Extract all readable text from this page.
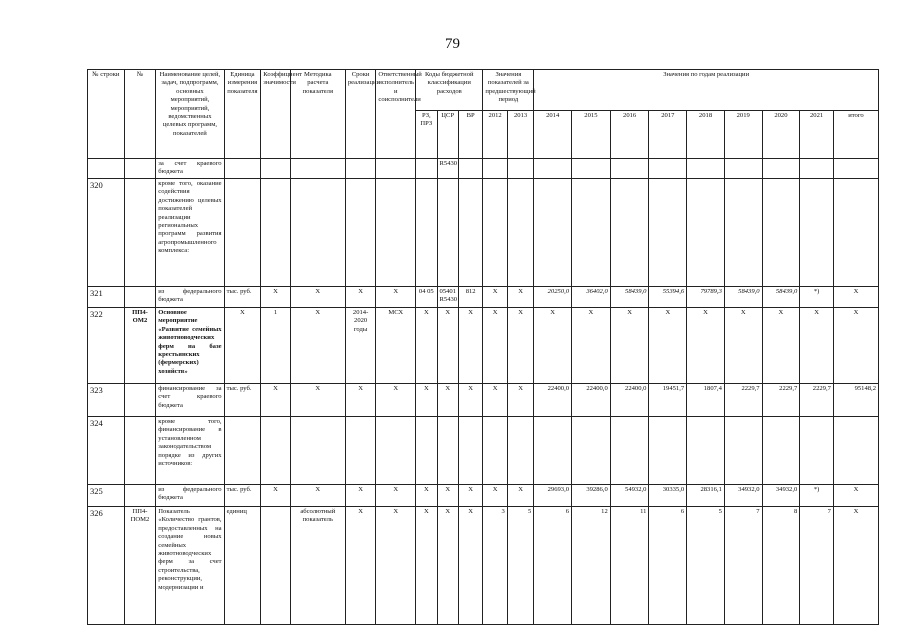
79
№ строки	№	Наименование целей, задач, подпрограмм, основных мероприятий, мероприятий, ведомственных целевых программ, показателей	Единица измерения показателя	Коэффициент значимости	Методика расчета показателя	Сроки реализации	Ответственный исполнитель и соисполнители	Коды бюджетной классификации расходов			Значения показателей за предшествующий период		Значения по годам реализации								
								РЗ, ПРЗ	ЦСР	ВР	2012	2013	2014	2015	2016	2017	2018	2019	2020	2021	итого
		за счет краевого бюджета							R5430												
320		кроме того, оказание содействия достижению целевых показателей реализации региональных программ развития агропромышленного комплекса:																			
321		из федерального бюджета	тыс. руб.	Х	Х	Х	Х	04 05	05401 R5430	812	Х	Х	20250,0	36402,0	58439,0	55394,6	79789,3	58439,0	58439,0	*)	Х
322	ПП4-ОМ2	Основное мероприятие «Развитие семейных животноводческих ферм на базе крестьянских (фермерских) хозяйств»	Х	1	Х	2014-2020 годы	МСХ	Х	Х	Х	Х	Х	Х	Х	Х	Х	Х	Х	Х	Х	Х
323		финансирование за счет краевого бюджета	тыс. руб.	Х	Х	Х	Х	Х	Х	Х	Х	Х	22400,0	22400,0	22400,0	19451,7	1807,4	2229,7	2229,7	2229,7	95148,2
324		кроме того, финансирование в установленном законодательством порядке из других источников:																			
325		из федерального бюджета	тыс. руб.	Х	Х	Х	Х	Х	Х	Х	Х	Х	29693,0	39286,0	54932,0	30335,0	28316,1	34932,0	34932,0	*)	Х
326	ПП4-ПОМ2	Показатель «Количество грантов, предоставленных на создание новых семейных животноводческих ферм за счет строительства, реконструкции, модернизации и	единиц		абсолютный показатель	Х	Х	Х	Х	Х	3	5	6	12	11	6	5	7	8	7	Х
